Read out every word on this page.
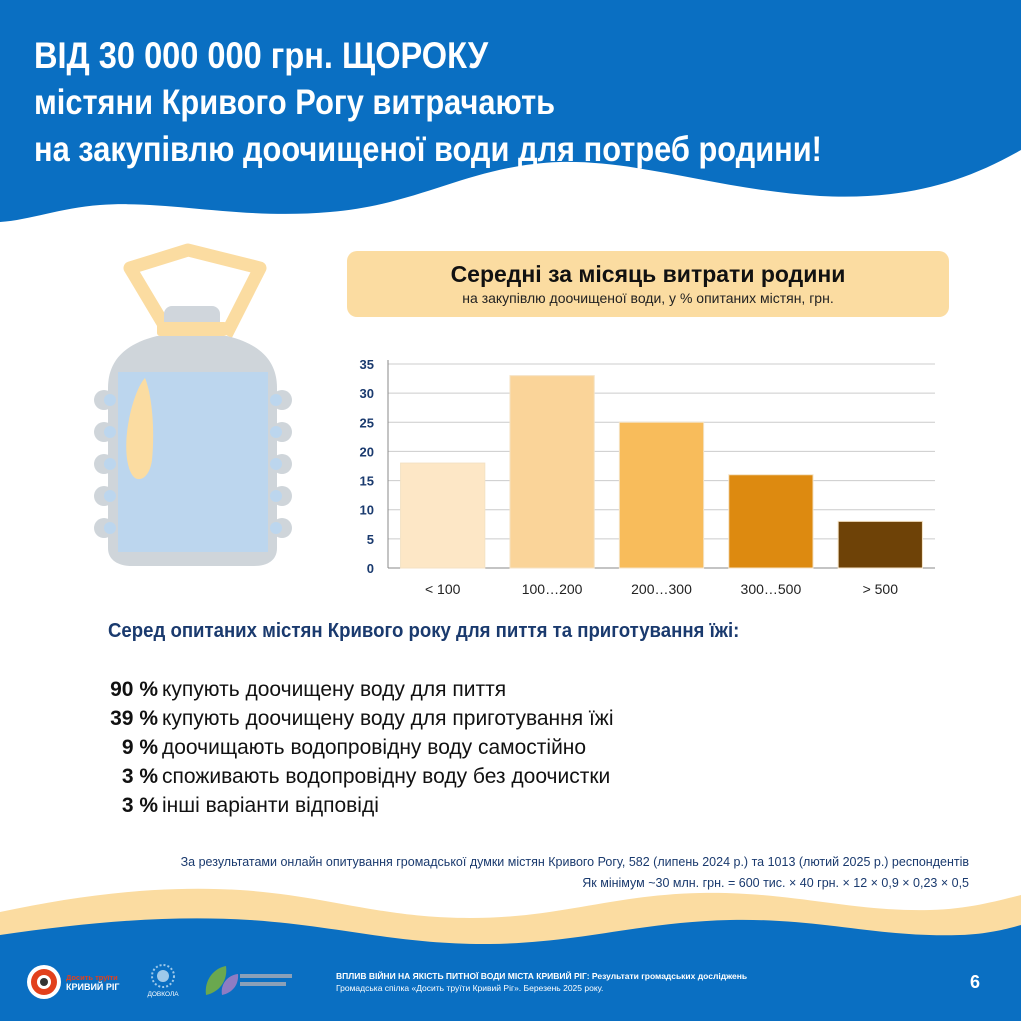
ВІД 30 000 000 грн. ЩОРОКУ
містяни Кривого Рогу витрачають
на закупівлю доочищеної води для потреб родини!
Середні за місяць витрати родини
на закупівлю доочищеної води, у % опитаних містян, грн.
0
5
10
15
20
25
30
35
< 100	100…200	200…300	300…500	> 500
Серед опитаних містян Кривого року для пиття та приготування їжі:
90 % купують доочищену воду для пиття
39 % купують доочищену воду для приготування їжі
9 % доочищають водопровідну воду самостійно
3 % споживають водопровідну воду без доочистки
3 % інші варіанти відповіді
За результатами онлайн опитування громадської думки містян Кривого Рогу, 582 (липень 2024 р.) та 1013 (лютий 2025 р.) респондентів
Як мінімум ~30 млн. грн. = 600 тис. × 40 грн. × 12 × 0,9 × 0,23 × 0,5
Досить труїти
КРИВИЙ РІГ
ДОВКОЛА
ВПЛИВ ВІЙНИ НА ЯКІСТЬ ПИТНОЇ ВОДИ МІСТА КРИВИЙ РІГ: Результати громадських досліджень
Громадська спілка «Досить труїти Кривий Ріг». Березень 2025 року.	6
